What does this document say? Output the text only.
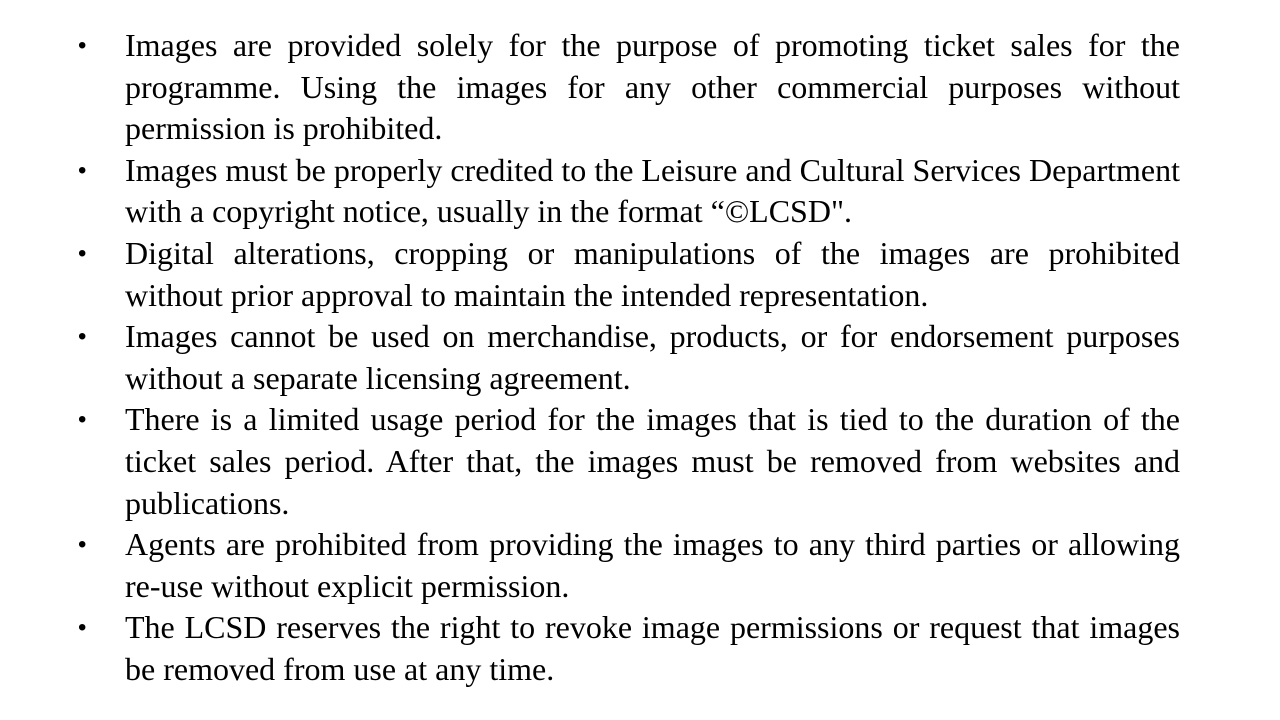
•	Images are provided solely for the purpose of promoting ticket sales for the programme. Using the images for any other commercial purposes without permission is prohibited.
•	Images must be properly credited to the Leisure and Cultural Services Department with a copyright notice, usually in the format “©LCSD".
•	Digital alterations, cropping or manipulations of the images are prohibited without prior approval to maintain the intended representation.
•	Images cannot be used on merchandise, products, or for endorsement purposes without a separate licensing agreement.
•	There is a limited usage period for the images that is tied to the duration of the ticket sales period. After that, the images must be removed from websites and publications.
•	Agents are prohibited from providing the images to any third parties or allowing re-use without explicit permission.
•	The LCSD reserves the right to revoke image permissions or request that images be removed from use at any time.
